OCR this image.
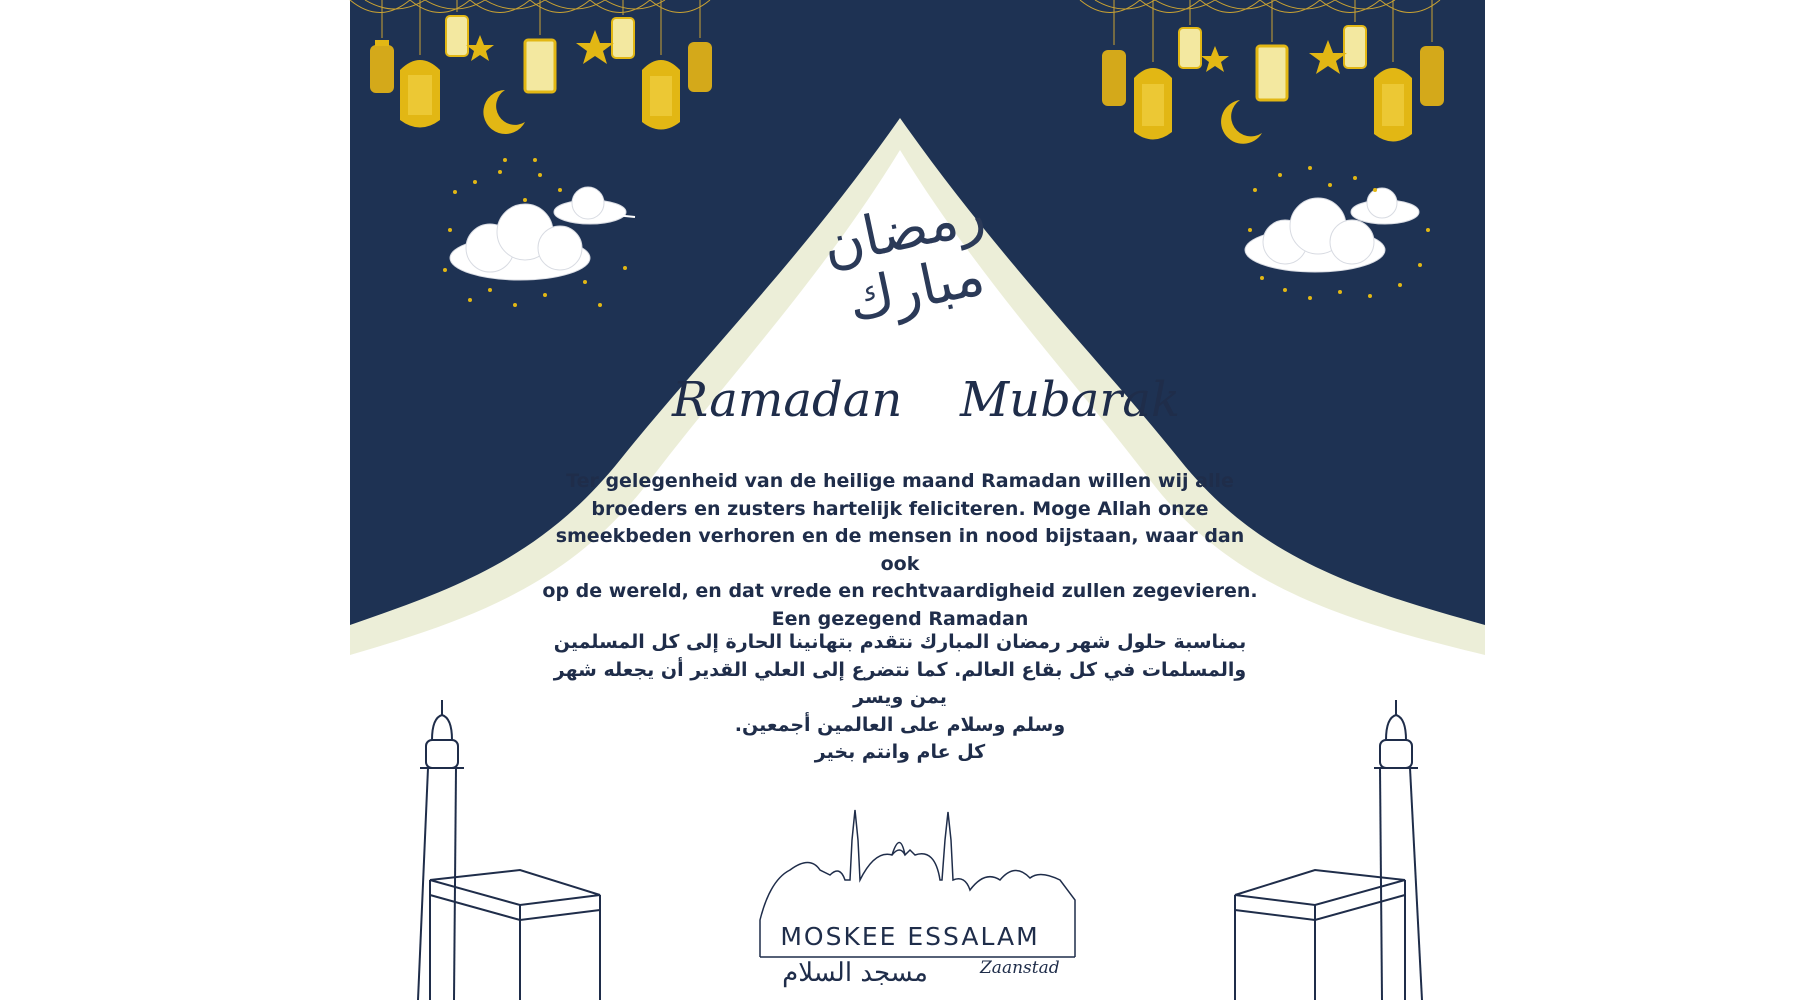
رمضان مبارك
Ramadan Mubarak
Ter gelegenheid van de heilige maand Ramadan willen wij alle
broeders en zusters hartelijk feliciteren. Moge Allah onze
smeekbeden verhoren en de mensen in nood bijstaan, waar dan ook
op de wereld, en dat vrede en rechtvaardigheid zullen zegevieren.
Een gezegend Ramadan
بمناسبة حلول شهر رمضان المبارك نتقدم بتهانينا الحارة إلى كل المسلمين
والمسلمات في كل بقاع العالم. كما نتضرع إلى العلي القدير أن يجعله شهر يمن ويسر
وسلم وسلام على العالمين أجمعين.
كل عام وانتم بخير
MOSKEE ESSALAM
مسجد السلام	Zaanstad
